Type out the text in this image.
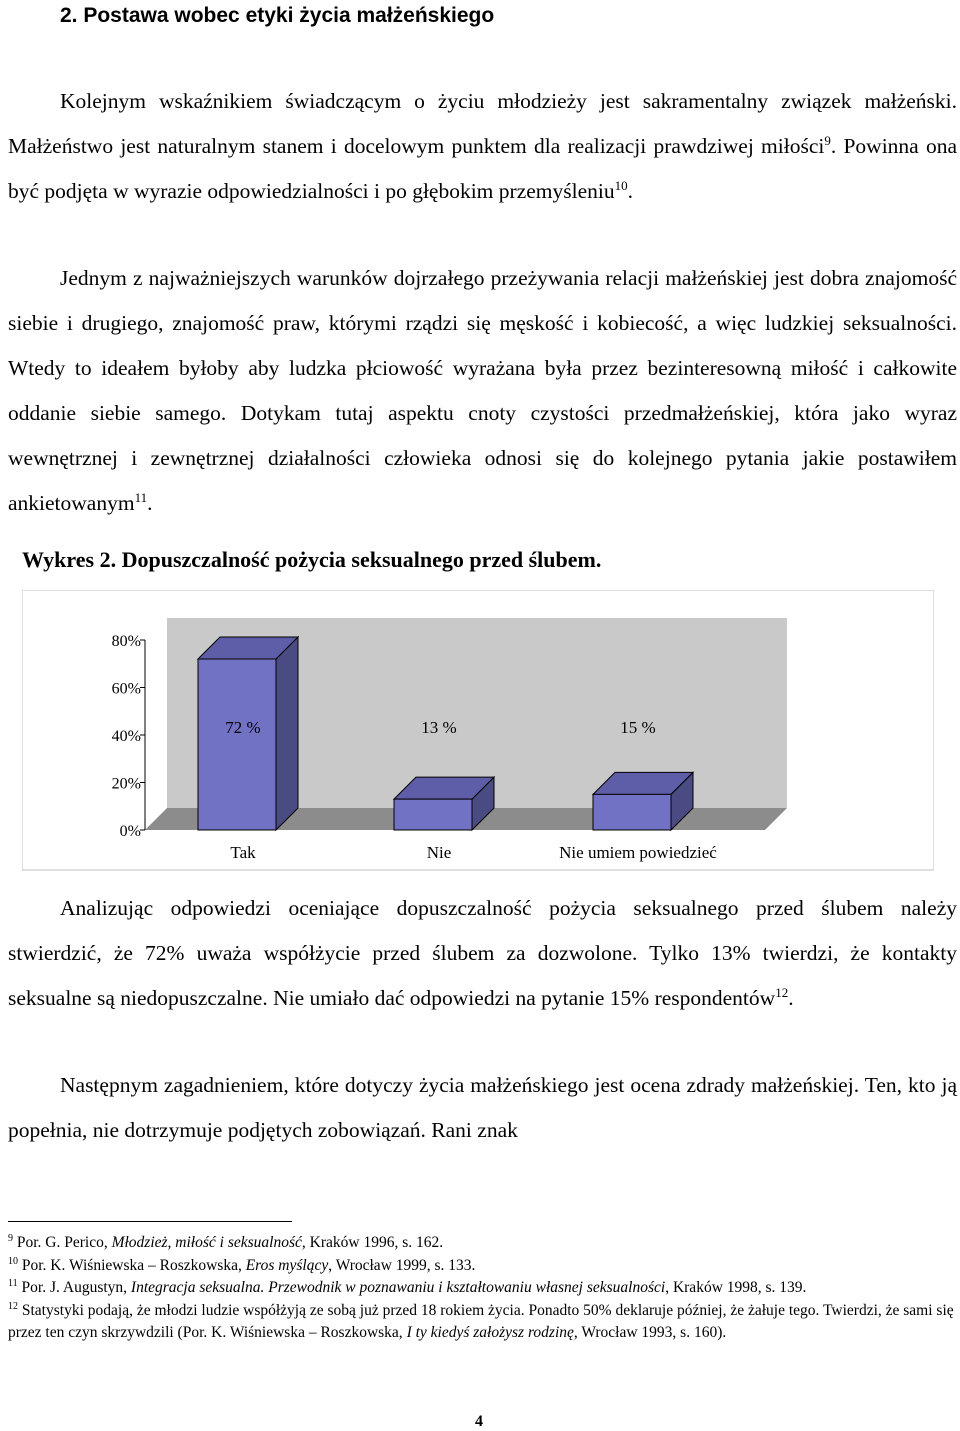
2. Postawa wobec etyki życia małżeńskiego

Kolejnym wskaźnikiem świadczącym o życiu młodzieży jest sakramentalny związek małżeński. Małżeństwo jest naturalnym stanem i docelowym punktem dla realizacji prawdziwej miłości$^9$. Powinna ona być podjęta w wyrazie odpowiedzialności i po głębokim przemyśleniu$^{10}$.

Jednym z najważniejszych warunków dojrzałego przeżywania relacji małżeńskiej jest dobra znajomość siebie i drugiego, znajomość praw, którymi rządzi się męskość i kobiecość, a więc ludzkiej seksualności. Wtedy to ideałem byłoby aby ludzka płciowość wyrażana była przez bezinteresowną miłość i całkowite oddanie siebie samego. Dotykam tutaj aspektu cnoty czystości przedmałżeńskiej, która jako wyraz wewnętrznej i zewnętrznej działalności człowieka odnosi się do kolejnego pytania jakie postawiłem ankietowanym$^{11}$.

Wykres 2. Dopuszczalność pożycia seksualnego przed ślubem.

0%
20%
40%
60%
80%
72 %	13 %	15 %
Tak	Nie	Nie umiem powiedzieć

Analizując odpowiedzi oceniające dopuszczalność pożycia seksualnego przed ślubem należy stwierdzić, że 72% uważa współżycie przed ślubem za dozwolone. Tylko 13% twierdzi, że kontakty seksualne są niedopuszczalne. Nie umiało dać odpowiedzi na pytanie 15% respondentów$^{12}$.

Następnym zagadnieniem, które dotyczy życia małżeńskiego jest ocena zdrady małżeńskiej. Ten, kto ją popełnia, nie dotrzymuje podjętych zobowiązań. Rani znak

$^9$ Por. G. Perico, Młodzież, miłość i seksualność, Kraków 1996, s. 162.

$^{10}$ Por. K. Wiśniewska – Roszkowska, Eros myślący, Wrocław 1999, s. 133.

$^{11}$ Por. J. Augustyn, Integracja seksualna. Przewodnik w poznawaniu i kształtowaniu własnej seksualności, Kraków 1998, s. 139.

$^{12}$ Statystyki podają, że młodzi ludzie współżyją ze sobą już przed 18 rokiem życia. Ponadto 50% deklaruje później, że żałuje tego. Twierdzi, że sami się przez ten czyn skrzywdzili (Por. K. Wiśniewska – Roszkowska, I ty kiedyś założysz rodzinę, Wrocław 1993, s. 160).

4
